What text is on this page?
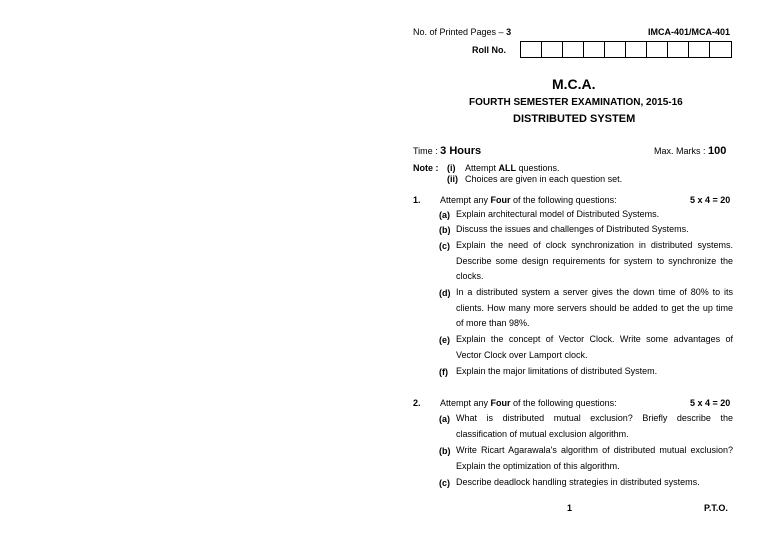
No. of Printed Pages – 3	IMCA-401/MCA-401
Roll No.
M.C.A.
FOURTH SEMESTER EXAMINATION, 2015-16
DISTRIBUTED SYSTEM
Time : 3 Hours	Max. Marks : 100
Note : (i) Attempt ALL questions.
(ii) Choices are given in each question set.
1. Attempt any Four of the following questions:	5 x 4 = 20
(a) Explain architectural model of Distributed Systems.
(b) Discuss the issues and challenges of Distributed Systems.
(c) Explain the need of clock synchronization in distributed systems.
Describe some design requirements for system to synchronize the
clocks.
(d) In a distributed system a server gives the down time of 80% to its
clients. How many more servers should be added to get the up time
of more than 98%.
(e) Explain the concept of Vector Clock. Write some advantages of
Vector Clock over Lamport clock.
(f) Explain the major limitations of distributed System.
2. Attempt any Four of the following questions:	5 x 4 = 20
(a) What is distributed mutual exclusion? Briefly describe the
classification of mutual exclusion algorithm.
(b) Write Ricart Agarawala's algorithm of distributed mutual exclusion?
Explain the optimization of this algorithm.
(c) Describe deadlock handling strategies in distributed systems.
1	P.T.O.
